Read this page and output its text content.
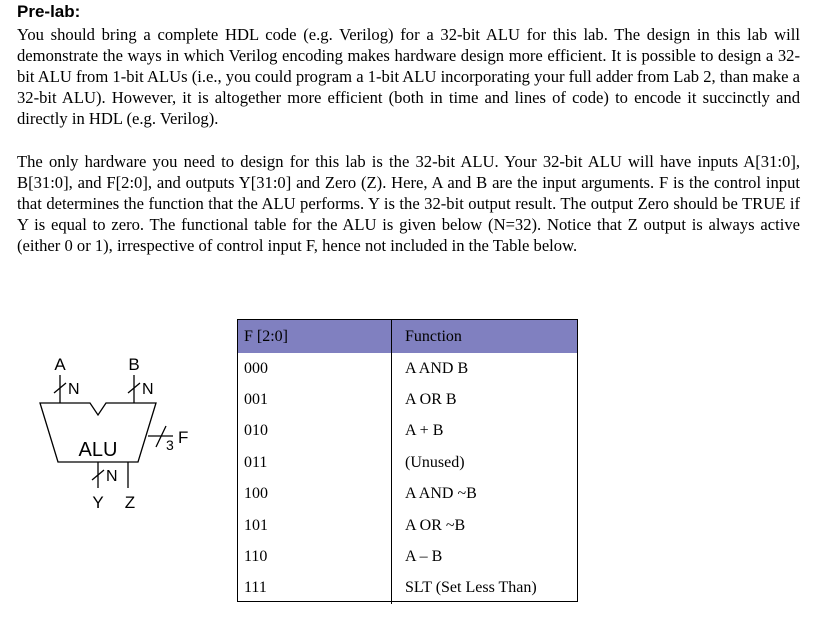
Pre-lab:

You should bring a complete HDL code (e.g. Verilog) for a 32-bit ALU for this lab. The design in this lab will demonstrate the ways in which Verilog encoding makes hardware design more efficient. It is possible to design a 32-bit ALU from 1-bit ALUs (i.e., you could program a 1-bit ALU incorporating your full adder from Lab 2, than make a 32-bit ALU). However, it is altogether more efficient (both in time and lines of code) to encode it succinctly and directly in HDL (e.g. Verilog).

The only hardware you need to design for this lab is the 32-bit ALU. Your 32-bit ALU will have inputs A[31:0], B[31:0], and F[2:0], and outputs Y[31:0] and Zero (Z). Here, A and B are the input arguments. F is the control input that determines the function that the ALU performs. Y is the 32-bit output result. The output Zero should be TRUE if Y is equal to zero. The functional table for the ALU is given below (N=32). Notice that Z output is always active (either 0 or 1), irrespective of control input F, hence not included in the Table below.

A	B
N	N
ALU	3 F
N
Y Z
F [2:0]	Function
000	A AND B
001	A OR B
010	A + B
011	(Unused)
100	A AND ~B
101	A OR ~B
110	A – B
111	SLT (Set Less Than)
